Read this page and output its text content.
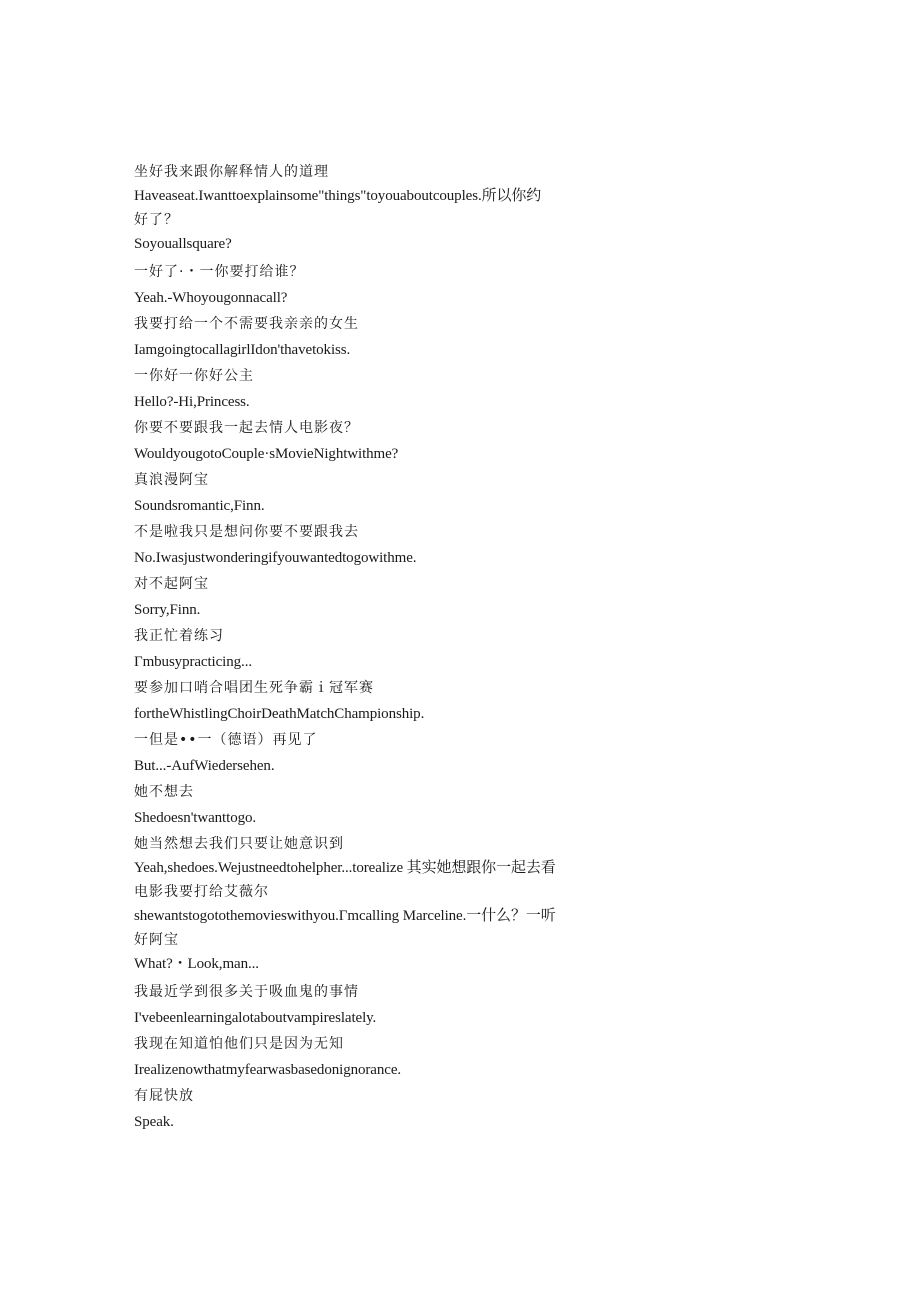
坐好我来跟你解释情人的道理
Haveaseat.Iwanttoexplainsome"things"toyouaboutcouples.所以你约
好了？
Soyouallsquare?
一好了·・一你要打给谁？
Yeah.-Whoyougonnacall?
我要打给一个不需要我亲亲的女生
IamgoingtocallagirlIdon'thavetokiss.
一你好一你好公主
Hello?-Hi,Princess.
你要不要跟我一起去情人电影夜？
WouldyougotoCouple·sMovieNightwithme?
真浪漫阿宝
Soundsromantic,Finn.
不是啦我只是想问你要不要跟我去
No.Iwasjustwonderingifyouwantedtogowithme.
对不起阿宝
Sorry,Finn.
我正忙着练习
Γmbusypracticing...
要参加口哨合唱团生死争霸ｉ冠军赛
fortheWhistlingChoirDeathMatchChampionship.
一但是••一（德语）再见了
But...-AufWiedersehen.
她不想去
Shedoesn'twanttogo.
她当然想去我们只要让她意识到
Yeah,shedoes.Wejustneedtohelpher...torealize 其实她想跟你一起去看
电影我要打给艾薇尔
shewantstogotothemovieswithyou.Γmcalling Marceline.一什么？一听
好阿宝
What?・Look,man...
我最近学到很多关于吸血鬼的事情
I'vebeenlearningalotaboutvampireslately.
我现在知道怕他们只是因为无知
Irealizenowthatmyfearwasbasedonignorance.
有屁快放
Speak.
